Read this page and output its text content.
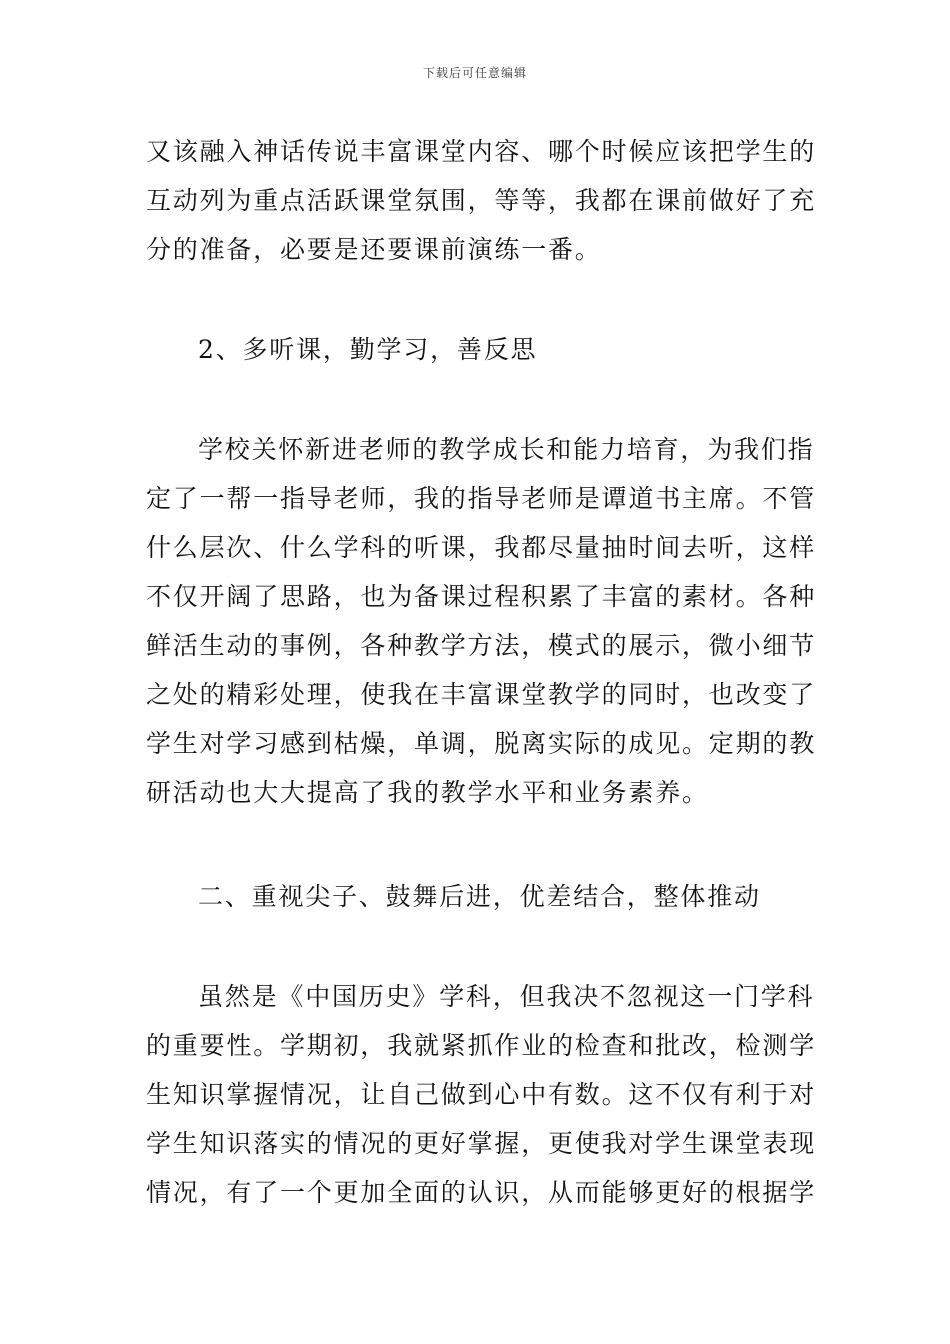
下载后可任意编辑
又该融入神话传说丰富课堂内容、哪个时候应该把学生的
互动列为重点活跃课堂氛围，等等，我都在课前做好了充
分的准备，必要是还要课前演练一番。
2、多听课，勤学习，善反思
学校关怀新进老师的教学成长和能力培育，为我们指
定了一帮一指导老师，我的指导老师是谭道书主席。不管
什么层次、什么学科的听课，我都尽量抽时间去听，这样
不仅开阔了思路，也为备课过程积累了丰富的素材。各种
鲜活生动的事例，各种教学方法，模式的展示，微小细节
之处的精彩处理，使我在丰富课堂教学的同时，也改变了
学生对学习感到枯燥，单调，脱离实际的成见。定期的教
研活动也大大提高了我的教学水平和业务素养。
二、重视尖子、鼓舞后进，优差结合，整体推动
虽然是《中国历史》学科，但我决不忽视这一门学科
的重要性。学期初，我就紧抓作业的检查和批改，检测学
生知识掌握情况，让自己做到心中有数。这不仅有利于对
学生知识落实的情况的更好掌握，更使我对学生课堂表现
情况，有了一个更加全面的认识，从而能够更好的根据学
